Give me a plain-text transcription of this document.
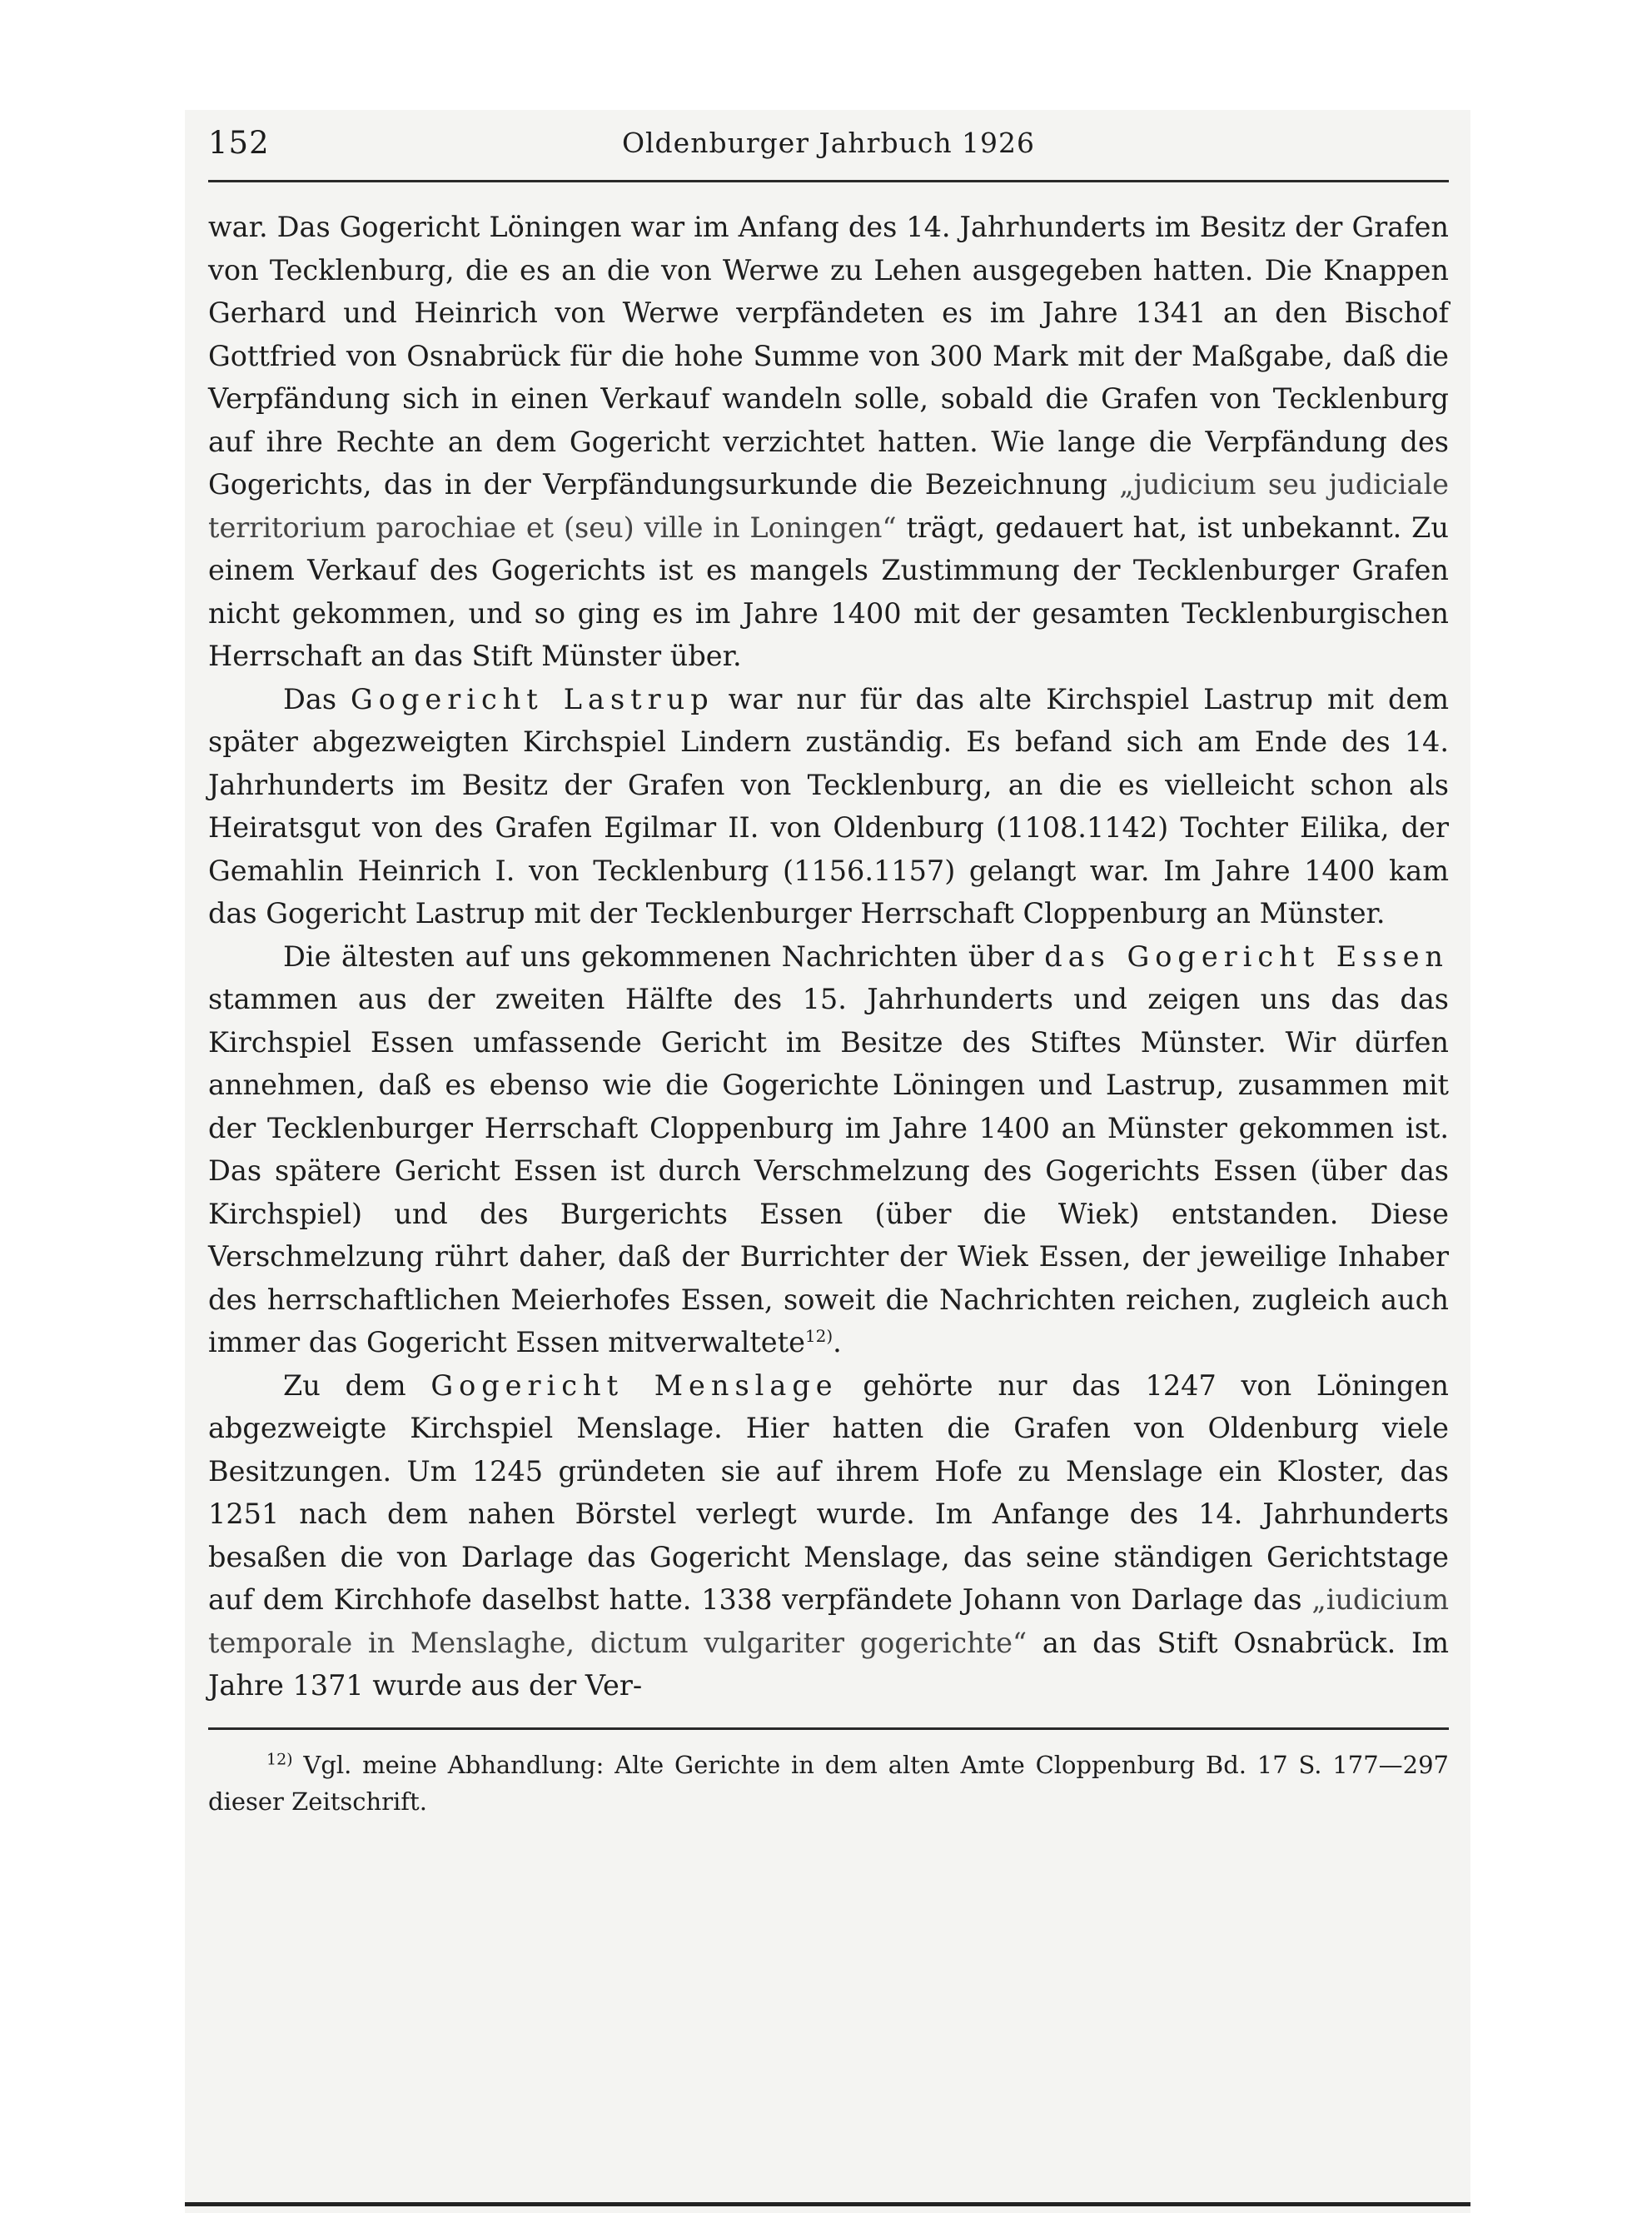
152	Oldenburger Jahrbuch 1926

war. Das Gogericht Löningen war im Anfang des 14. Jahrhunderts im Besitz der Grafen von Tecklenburg, die es an die von Werwe zu Lehen ausgegeben hatten. Die Knappen Gerhard und Heinrich von Werwe verpfändeten es im Jahre 1341 an den Bischof Gottfried von Osnabrück für die hohe Summe von 300 Mark mit der Maßgabe, daß die Verpfändung sich in einen Verkauf wandeln solle, sobald die Grafen von Tecklenburg auf ihre Rechte an dem Gogericht verzichtet hatten. Wie lange die Verpfändung des Gogerichts, das in der Verpfändungsurkunde die Bezeichnung „judicium seu judiciale territorium parochiae et (seu) ville in Loningen“ trägt, gedauert hat, ist unbekannt. Zu einem Verkauf des Gogerichts ist es mangels Zustimmung der Tecklenburger Grafen nicht gekommen, und so ging es im Jahre 1400 mit der gesamten Tecklenburgischen Herrschaft an das Stift Münster über.

Das Gogericht Lastrup war nur für das alte Kirchspiel Lastrup mit dem später abgezweigten Kirchspiel Lindern zuständig. Es befand sich am Ende des 14. Jahrhunderts im Besitz der Grafen von Tecklenburg, an die es vielleicht schon als Heiratsgut von des Grafen Egilmar II. von Oldenburg (1108.1142) Tochter Eilika, der Gemahlin Heinrich I. von Tecklenburg (1156.1157) gelangt war. Im Jahre 1400 kam das Gogericht Lastrup mit der Tecklenburger Herrschaft Cloppenburg an Münster.

Die ältesten auf uns gekommenen Nachrichten über das Gogericht Essen stammen aus der zweiten Hälfte des 15. Jahrhunderts und zeigen uns das das Kirchspiel Essen umfassende Gericht im Besitze des Stiftes Münster. Wir dürfen annehmen, daß es ebenso wie die Gogerichte Löningen und Lastrup, zusammen mit der Tecklenburger Herrschaft Cloppenburg im Jahre 1400 an Münster gekommen ist. Das spätere Gericht Essen ist durch Verschmelzung des Gogerichts Essen (über das Kirchspiel) und des Burgerichts Essen (über die Wiek) entstanden. Diese Verschmelzung rührt daher, daß der Burrichter der Wiek Essen, der jeweilige Inhaber des herrschaftlichen Meierhofes Essen, soweit die Nachrichten reichen, zugleich auch immer das Gogericht Essen mitverwaltete$^{12)}$.

Zu dem Gogericht Menslage gehörte nur das 1247 von Löningen abgezweigte Kirchspiel Menslage. Hier hatten die Grafen von Oldenburg viele Besitzungen. Um 1245 gründeten sie auf ihrem Hofe zu Menslage ein Kloster, das 1251 nach dem nahen Börstel verlegt wurde. Im Anfange des 14. Jahrhunderts besaßen die von Darlage das Gogericht Menslage, das seine ständigen Gerichtstage auf dem Kirchhofe daselbst hatte. 1338 verpfändete Johann von Darlage das „iudicium temporale in Menslaghe, dictum vulgariter gogerichte“ an das Stift Osnabrück. Im Jahre 1371 wurde aus der Ver-

$^{12)}$ Vgl. meine Abhandlung: Alte Gerichte in dem alten Amte Cloppenburg Bd. 17 S. 177—297 dieser Zeitschrift.
